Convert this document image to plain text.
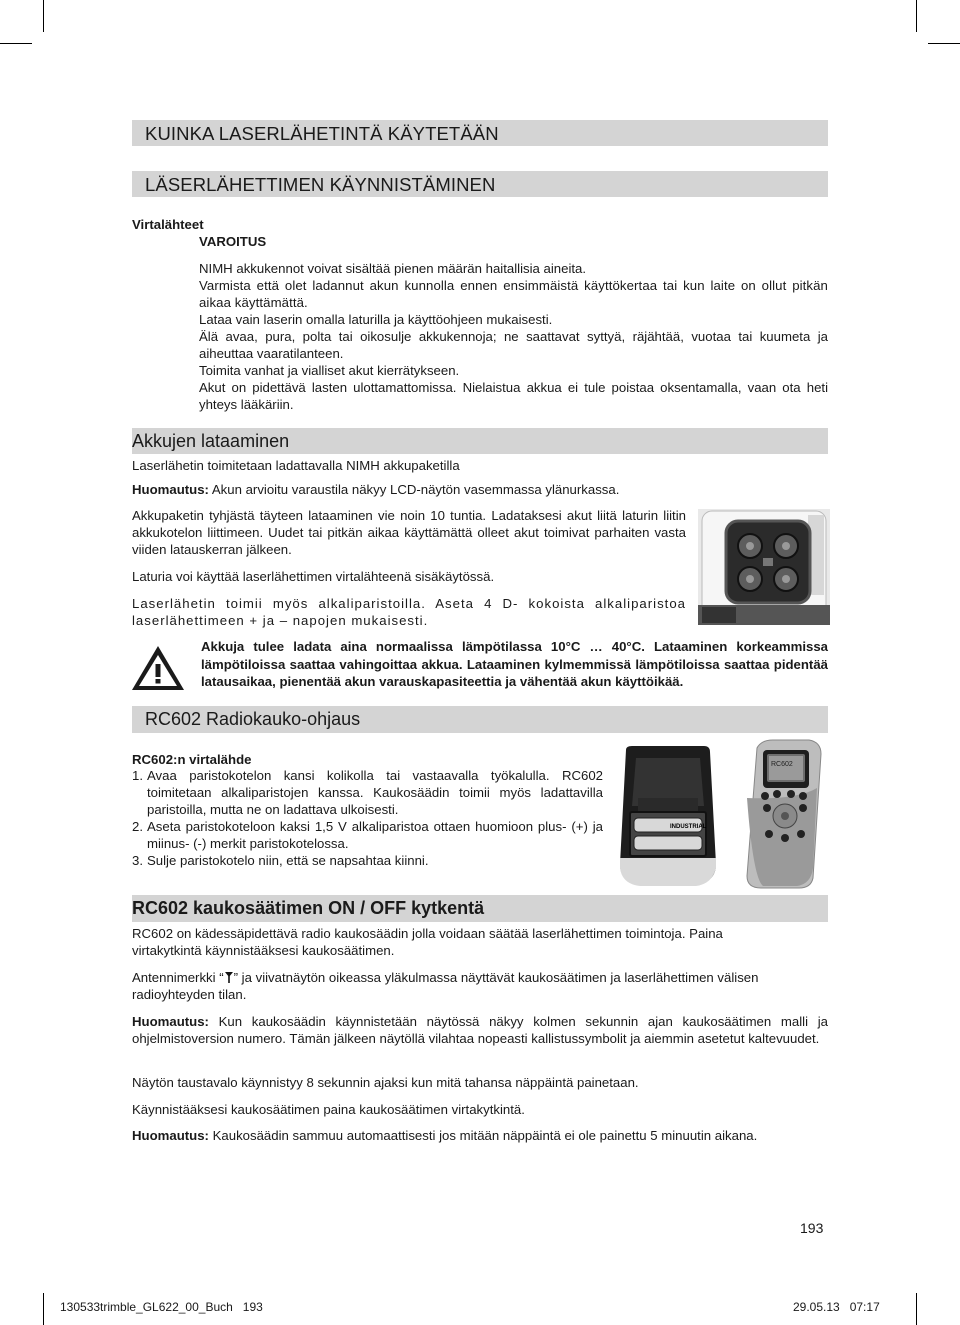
KUINKA LASERLÄHETINTÄ KÄYTETÄÄN
LÄSERLÄHETTIMEN KÄYNNISTÄMINEN
Virtalähteet
VAROITUS
NIMH akkukennot voivat sisältää pienen määrän haitallisia aineita.
Varmista että olet ladannut akun kunnolla ennen ensimmäistä käyttökertaa tai kun laite on ollut pitkän aikaa käyttämättä.
Lataa vain laserin omalla laturilla ja käyttöohjeen mukaisesti.
Älä avaa, pura, polta tai oikosulje akkukennoja; ne saattavat syttyä, räjähtää, vuotaa tai kuumeta ja aiheuttaa vaaratilanteen.
Toimita vanhat ja vialliset akut kierrätykseen.
Akut on pidettävä lasten ulottamattomissa. Nielaistua akkua ei tule poistaa oksentamalla, vaan ota heti yhteys lääkäriin.
Akkujen lataaminen
Laserlähetin toimitetaan ladattavalla NIMH akkupaketilla
Huomautus: Akun arvioitu varaustila näkyy LCD-näytön vasemmassa ylänurkassa.
Akkupaketin tyhjästä täyteen lataaminen vie noin 10 tuntia. Ladataksesi akut liitä laturin liitin akkukotelon liittimeen. Uudet tai pitkän aikaa käyttämättä olleet akut toimivat parhaiten vasta viiden latauskerran jälkeen.
Laturia voi käyttää laserlähettimen virtalähteenä sisäkäytössä.
Laserlähetin toimii myös alkaliparistoilla. Aseta 4 D- kokoista alkaliparistoa laserlähettimeen + ja – napojen mukaisesti.
Akkuja tulee ladata aina normaalissa lämpötilassa 10°C … 40°C. Lataaminen korkeammissa lämpötiloissa saattaa vahingoittaa akkua. Lataaminen kylmemmissä lämpötiloissa saattaa pidentää latausaikaa, pienentää akun varauskapasiteettia ja vähentää akun käyttöikää.
RC602 Radiokauko-ohjaus
RC602:n virtalähde
1. Avaa paristokotelon kansi kolikolla tai vastaavalla työkalulla. RC602 toimitetaan alkaliparistojen kanssa. Kaukosäädin toimii myös ladattavilla paristoilla, mutta ne on ladattava ulkoisesti.
2. Aseta paristokoteloon kaksi 1,5 V alkaliparistoa ottaen huomioon plus- (+) ja miinus- (-) merkit paristokotelossa.
3. Sulje paristokotelo niin, että se napsahtaa kiinni.
INDUSTRIAL
RC602
RC602 kaukosäätimen ON / OFF kytkentä
RC602 on kädessäpidettävä radio kaukosäädin jolla voidaan säätää laserlähettimen toimintoja. Paina virtakytkintä käynnistääksesi kaukosäätimen.
Antennimerkki “ ” ja viivatnäytön oikeassa yläkulmassa näyttävät kaukosäätimen ja laserlähettimen välisen radioyhteyden tilan.
Huomautus: Kun kaukosäädin käynnistetään näytössä näkyy kolmen sekunnin ajan kaukosäätimen malli ja ohjelmistoversion numero. Tämän jälkeen näytöllä vilahtaa nopeasti kallistussymbolit ja aiemmin asetetut kaltevuudet.
Näytön taustavalo käynnistyy 8 sekunnin ajaksi kun mitä tahansa näppäintä painetaan.
Käynnistääksesi kaukosäätimen paina kaukosäätimen virtakytkintä.
Huomautus: Kaukosäädin sammuu automaattisesti jos mitään näppäintä ei ole painettu 5 minuutin aikana.
193
130533trimble_GL622_00_Buch   193	29.05.13   07:17
